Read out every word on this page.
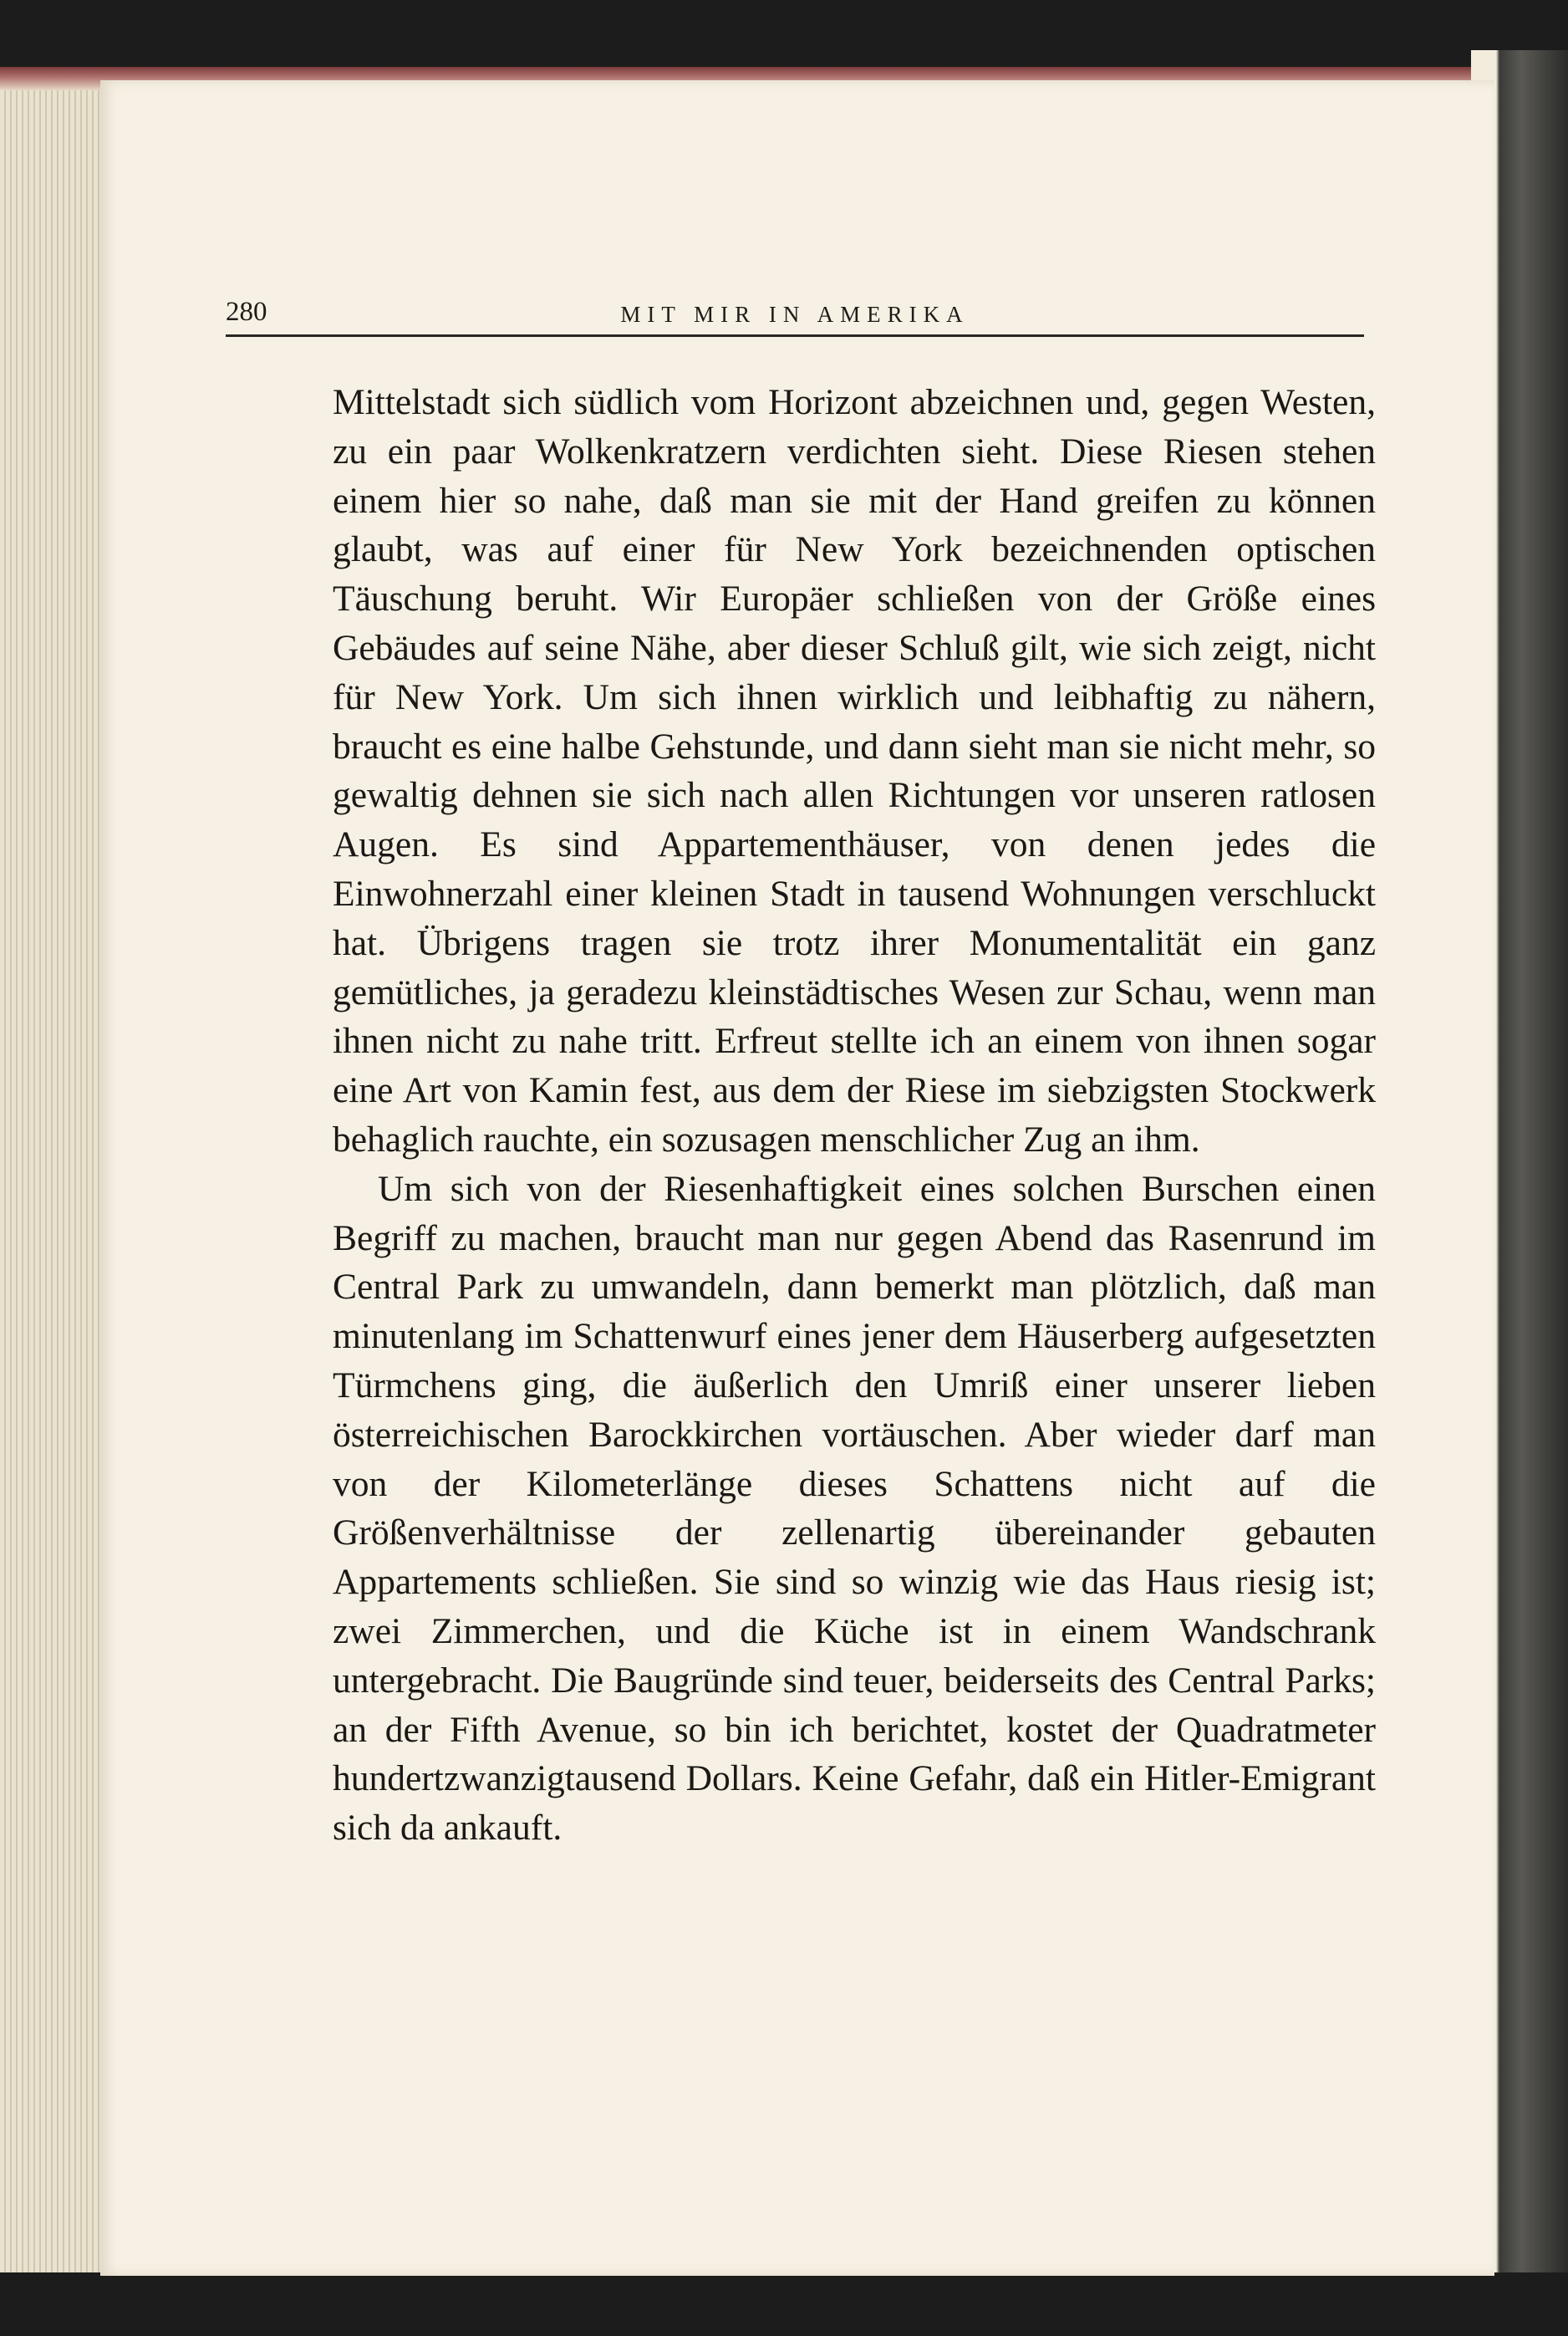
280	MIT MIR IN AMERIKA

Mittelstadt sich südlich vom Horizont abzeichnen und, gegen Westen, zu ein paar Wolkenkratzern verdichten sieht. Diese Riesen stehen einem hier so nahe, daß man sie mit der Hand greifen zu können glaubt, was auf einer für New York bezeichnenden optischen Täuschung beruht. Wir Europäer schließen von der Größe eines Gebäudes auf seine Nähe, aber dieser Schluß gilt, wie sich zeigt, nicht für New York. Um sich ihnen wirklich und leibhaftig zu nähern, braucht es eine halbe Gehstunde, und dann sieht man sie nicht mehr, so gewaltig dehnen sie sich nach allen Richtungen vor unseren ratlosen Augen. Es sind Appartementhäuser, von denen jedes die Einwohnerzahl einer kleinen Stadt in tausend Wohnungen verschluckt hat. Übrigens tragen sie trotz ihrer Monumentalität ein ganz gemütliches, ja geradezu kleinstädtisches Wesen zur Schau, wenn man ihnen nicht zu nahe tritt. Erfreut stellte ich an einem von ihnen sogar eine Art von Kamin fest, aus dem der Riese im siebzigsten Stockwerk behaglich rauchte, ein sozusagen menschlicher Zug an ihm.

Um sich von der Riesenhaftigkeit eines solchen Burschen einen Begriff zu machen, braucht man nur gegen Abend das Rasenrund im Central Park zu umwandeln, dann bemerkt man plötzlich, daß man minutenlang im Schattenwurf eines jener dem Häuserberg aufgesetzten Türmchens ging, die äußerlich den Umriß einer unserer lieben österreichischen Barockkirchen vortäuschen. Aber wieder darf man von der Kilometerlänge dieses Schattens nicht auf die Größenverhältnisse der zellenartig übereinander gebauten Appartements schließen. Sie sind so winzig wie das Haus riesig ist; zwei Zimmerchen, und die Küche ist in einem Wandschrank untergebracht. Die Baugründe sind teuer, beiderseits des Central Parks; an der Fifth Avenue, so bin ich berichtet, kostet der Quadratmeter hundertzwanzigtausend Dollars. Keine Gefahr, daß ein Hitler-Emigrant sich da ankauft.
